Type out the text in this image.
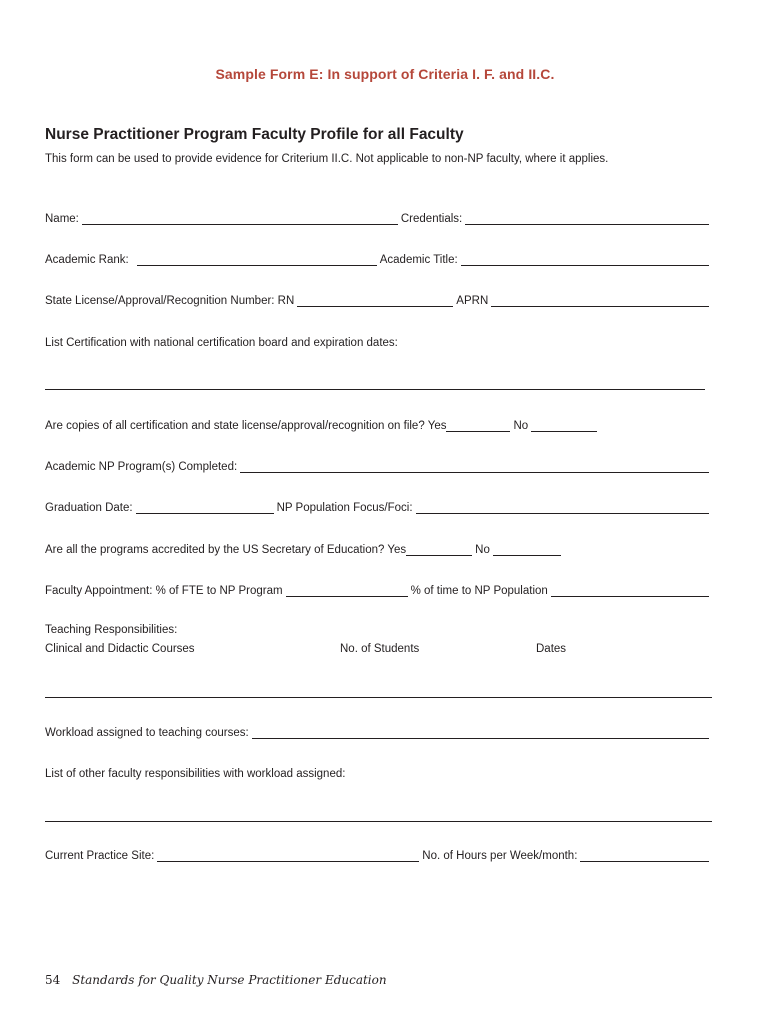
Sample Form E: In support of Criteria I. F. and II.C.
Nurse Practitioner Program Faculty Profile for all Faculty
This form can be used to provide evidence for Criterium II.C. Not applicable to non-NP faculty, where it applies.
Name:	Credentials:
Academic Rank:	Academic Title:
State License/Approval/Recognition Number: RN	APRN
List Certification with national certification board and expiration dates:
Are copies of all certification and state license/approval/recognition on file? Yes	No
Academic NP Program(s) Completed:
Graduation Date:	NP Population Focus/Foci:
Are all the programs accredited by the US Secretary of Education? Yes	No
Faculty Appointment: % of FTE to NP Program	% of time to NP Population
Teaching Responsibilities:
Clinical and Didactic Courses	No. of Students	Dates
Workload assigned to teaching courses:
List of other faculty responsibilities with workload assigned:
Current Practice Site:	No. of Hours per Week/month:
54 Standards for Quality Nurse Practitioner Education
